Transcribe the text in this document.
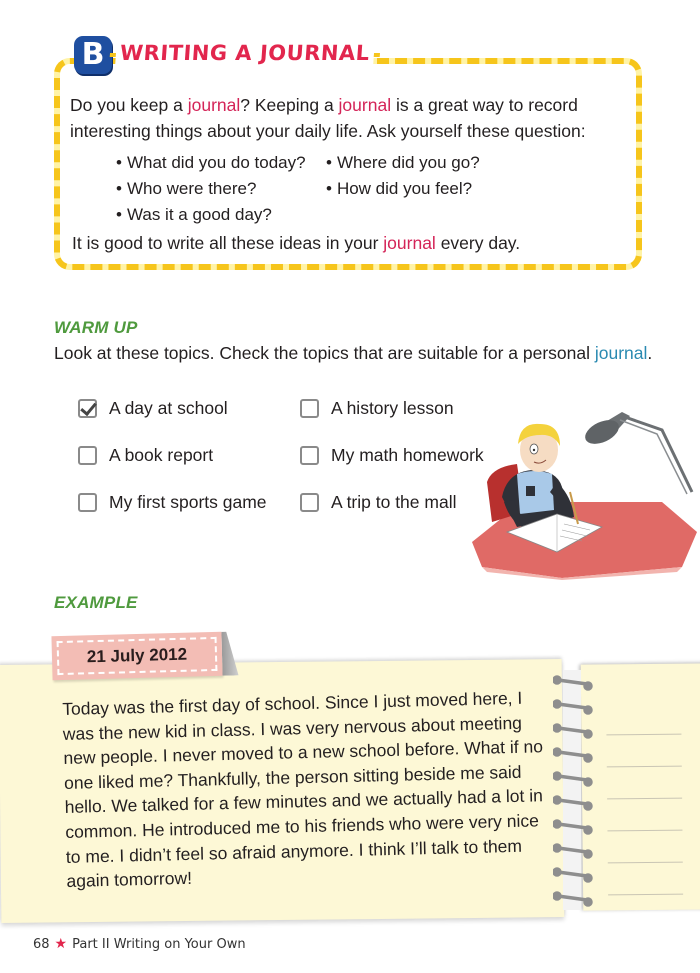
B WRITING A JOURNAL

Do you keep a journal? Keeping a journal is a great way to record interesting things about your daily life. Ask yourself these question:

• What did you do today?	• Where did you go?
• Who were there?	• How did you feel?
• Was it a good day?

It is good to write all these ideas in your journal every day.

WARM UP

Look at these topics. Check the topics that are suitable for a personal journal.

A day at school	A history lesson
A book report	My math homework
My first sports game	A trip to the mall
EXAMPLE
21 July 2012

Today was the first day of school. Since I just moved here, I was the new kid in class. I was very nervous about meeting new people. I never moved to a new school before. What if no one liked me? Thankfully, the person sitting beside me said hello. We talked for a few minutes and we actually had a lot in common. He introduced me to his friends who were very nice to me. I didn’t feel so afraid anymore. I think I’ll talk to them again tomorrow!

68 ★ Part II Writing on Your Own
